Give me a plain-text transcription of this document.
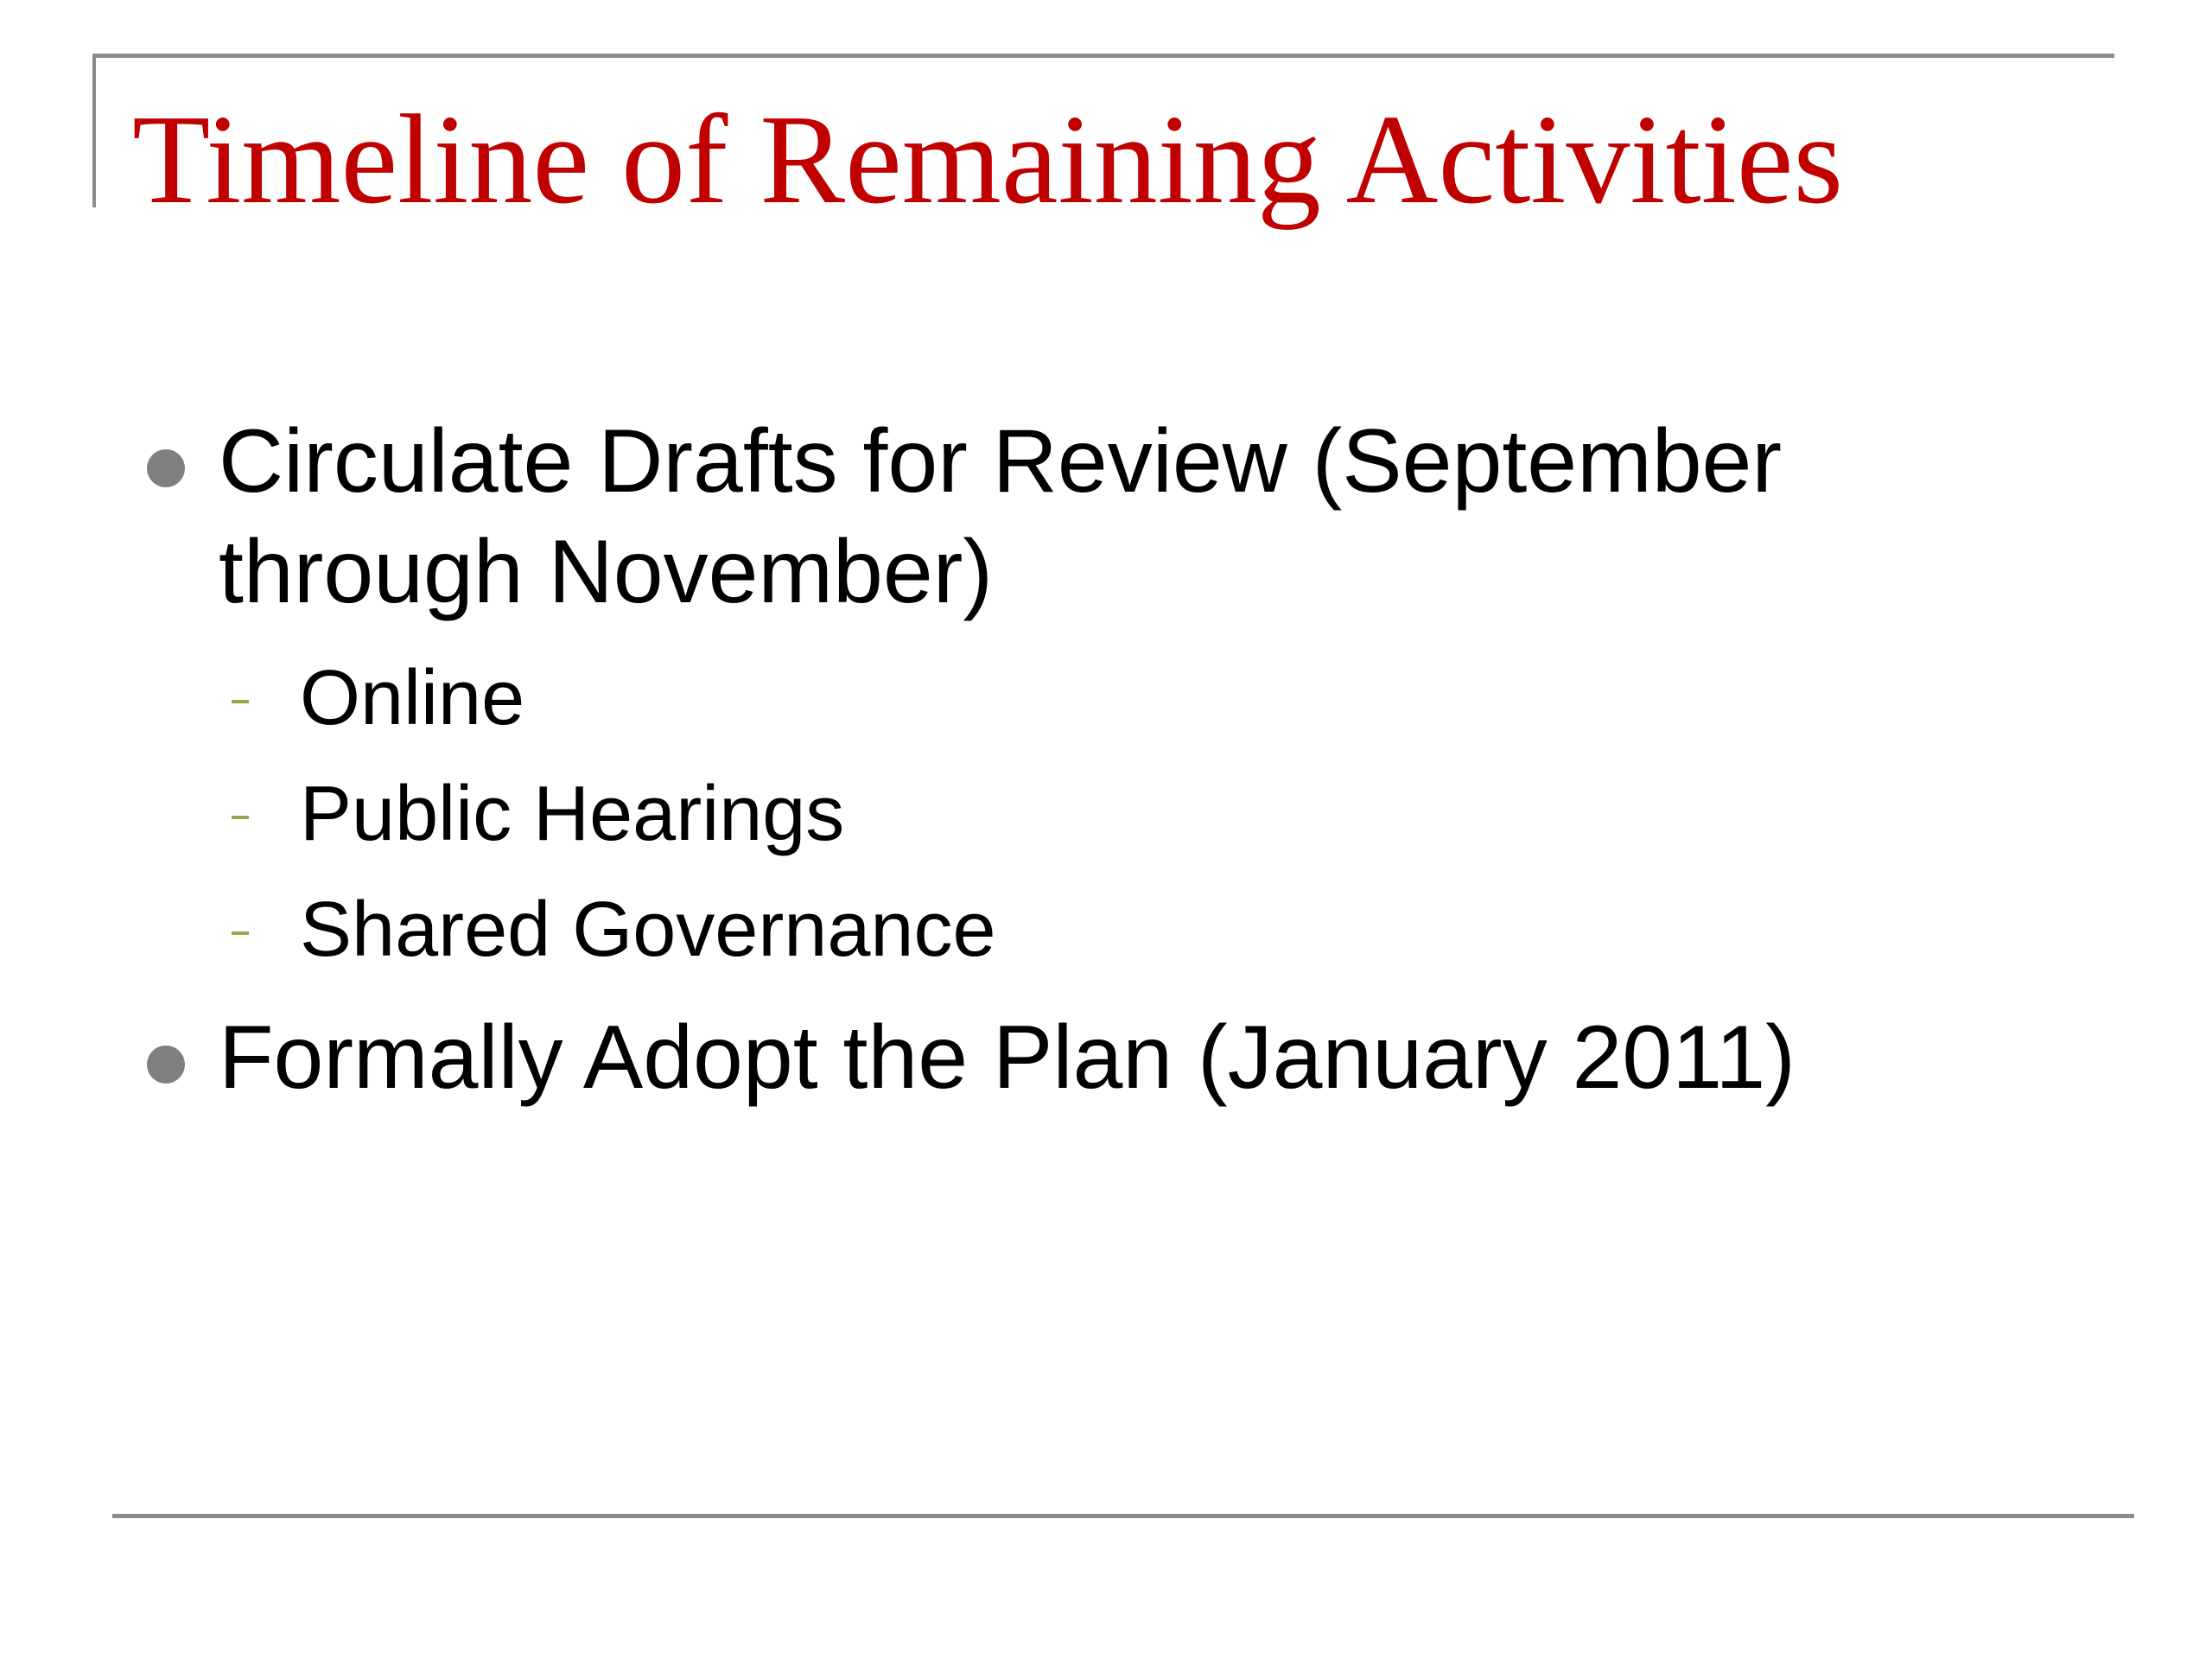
Timeline of Remaining Activities
Circulate Drafts for Review (September
through November)
Online
Public Hearings
Shared Governance
Formally Adopt the Plan (January 2011)
